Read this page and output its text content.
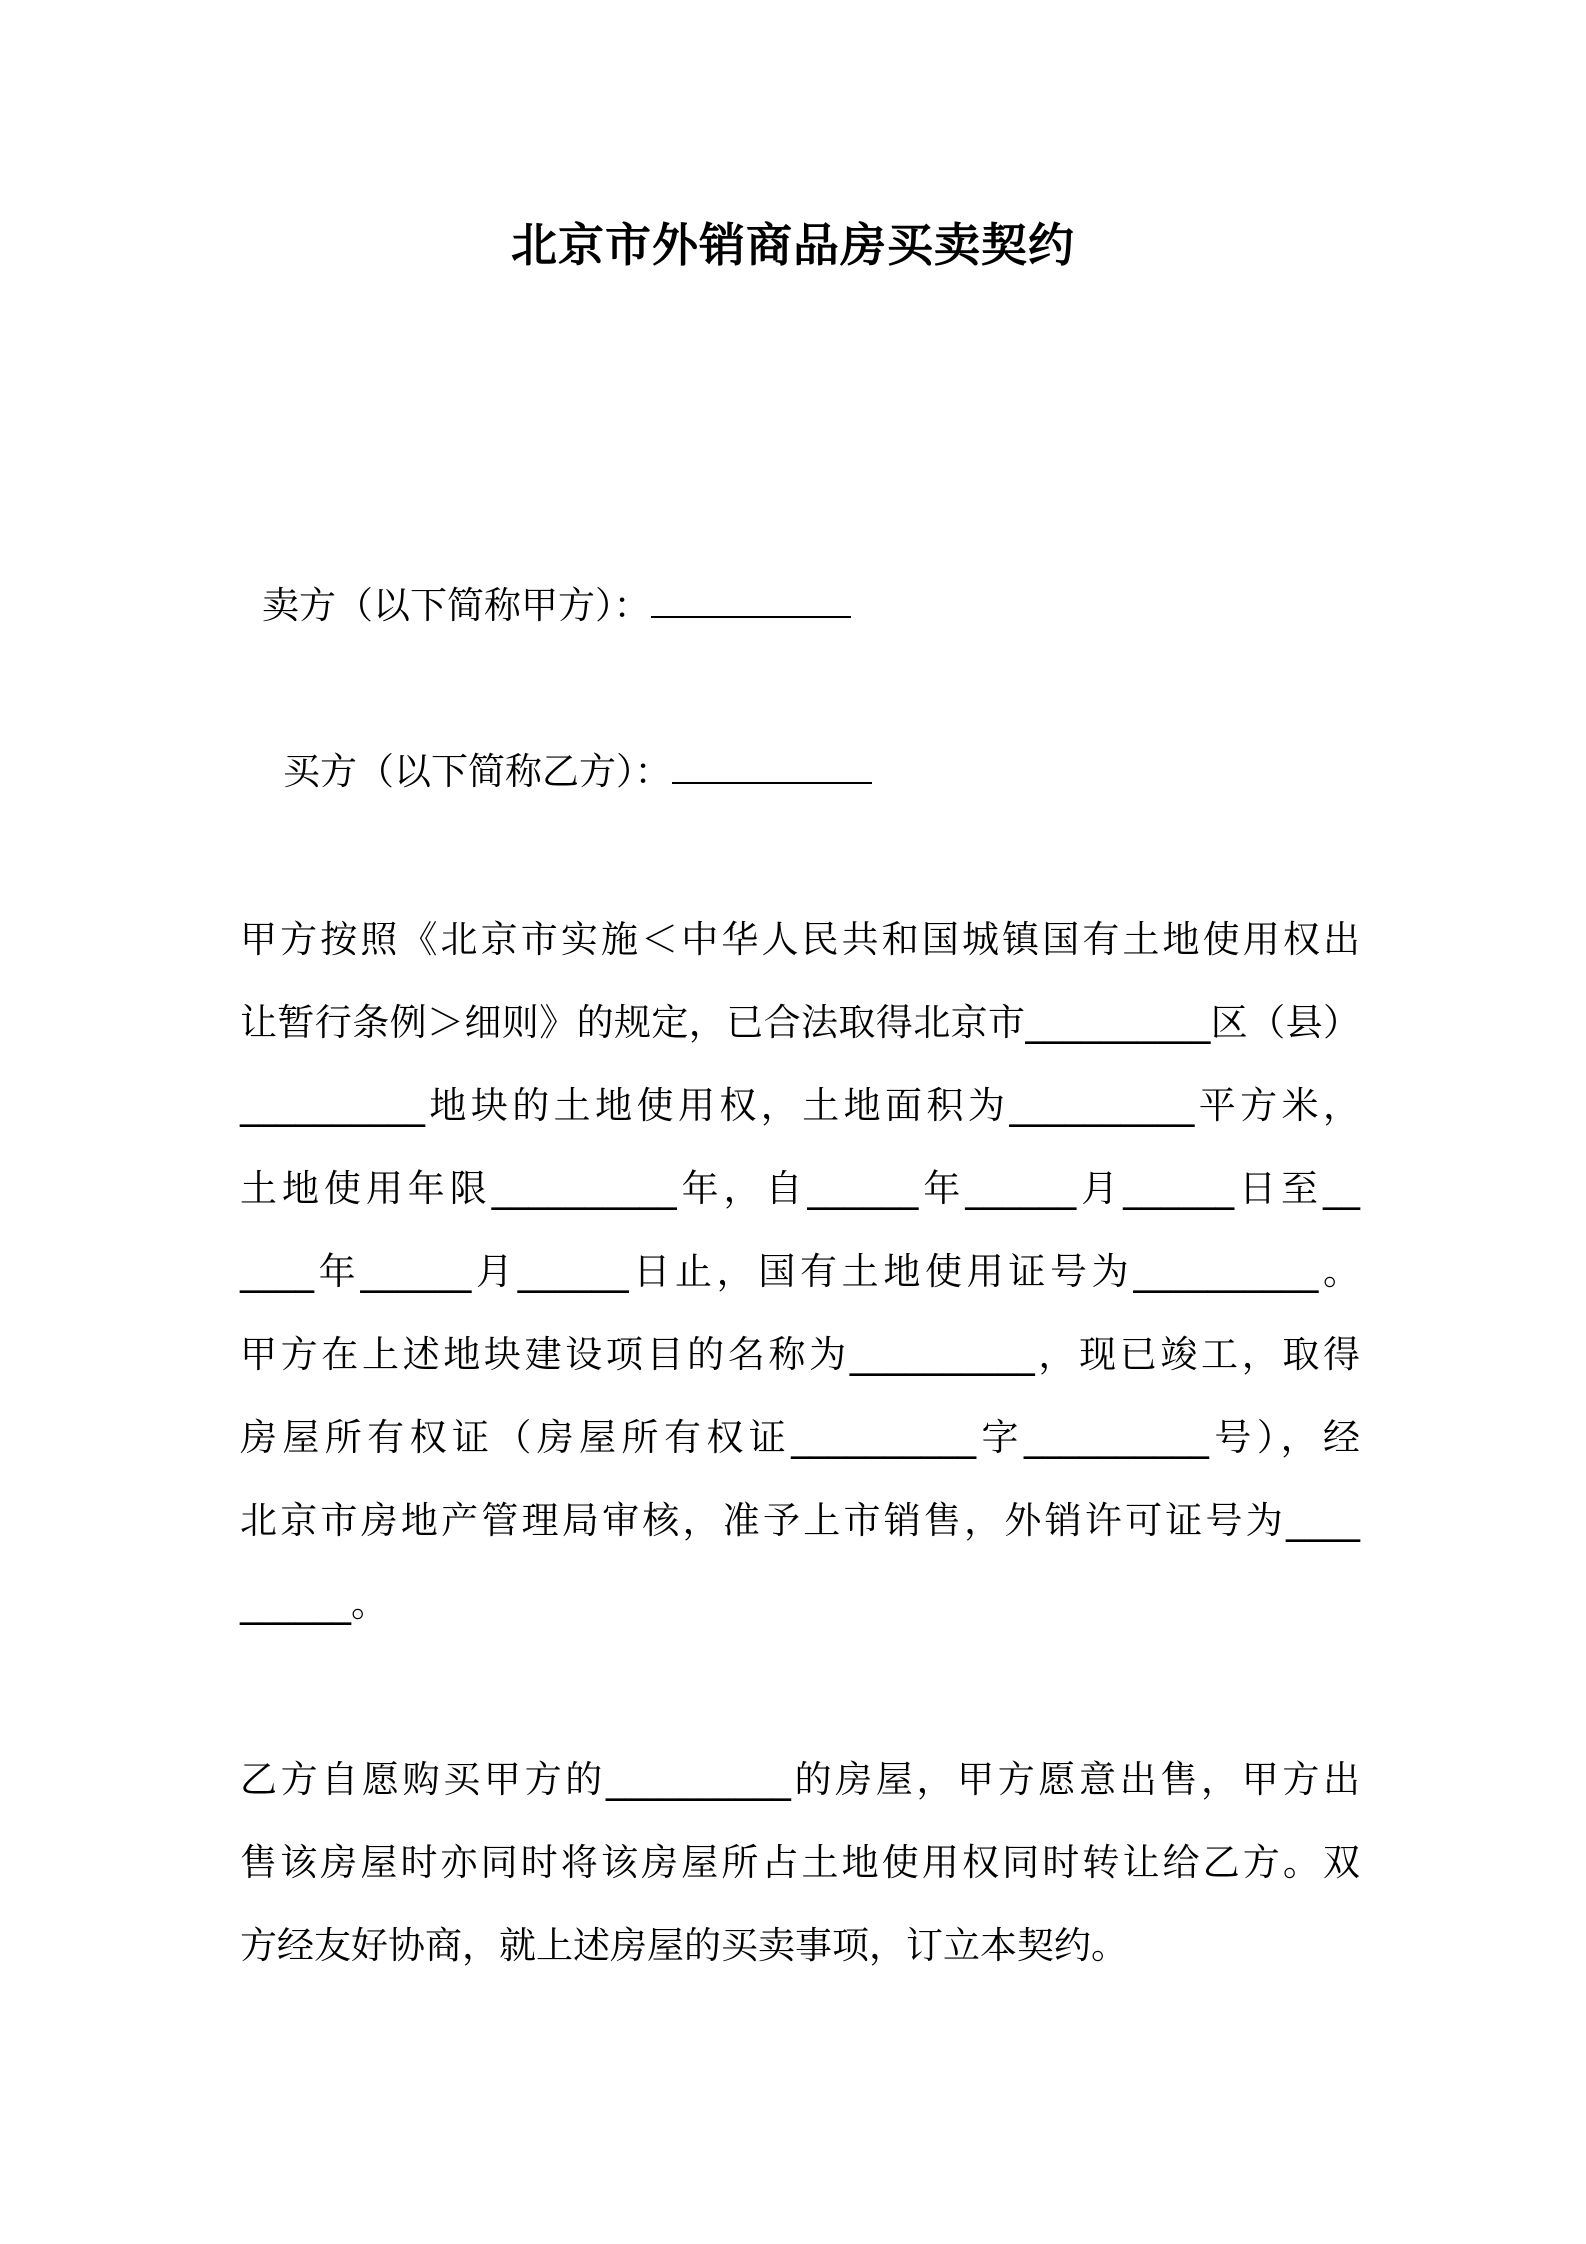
北京市外销商品房买卖契约
卖方（以下简称甲方）：
买方（以下简称乙方）：
甲方按照《北京市实施＜中华人民共和国城镇国有土地使用权出
让暂行条例＞细则》的规定，已合法取得北京市__________区（县）
__________地块的土地使用权，土地面积为__________平方米，
土地使用年限__________年，自______年______月______日至__
____年______月______日止，国有土地使用证号为__________。
甲方在上述地块建设项目的名称为__________，现已竣工，取得
房屋所有权证（房屋所有权证__________字__________号），经
北京市房地产管理局审核，准予上市销售，外销许可证号为____
______。
乙方自愿购买甲方的__________的房屋，甲方愿意出售，甲方出
售该房屋时亦同时将该房屋所占土地使用权同时转让给乙方。双
方经友好协商，就上述房屋的买卖事项，订立本契约。
